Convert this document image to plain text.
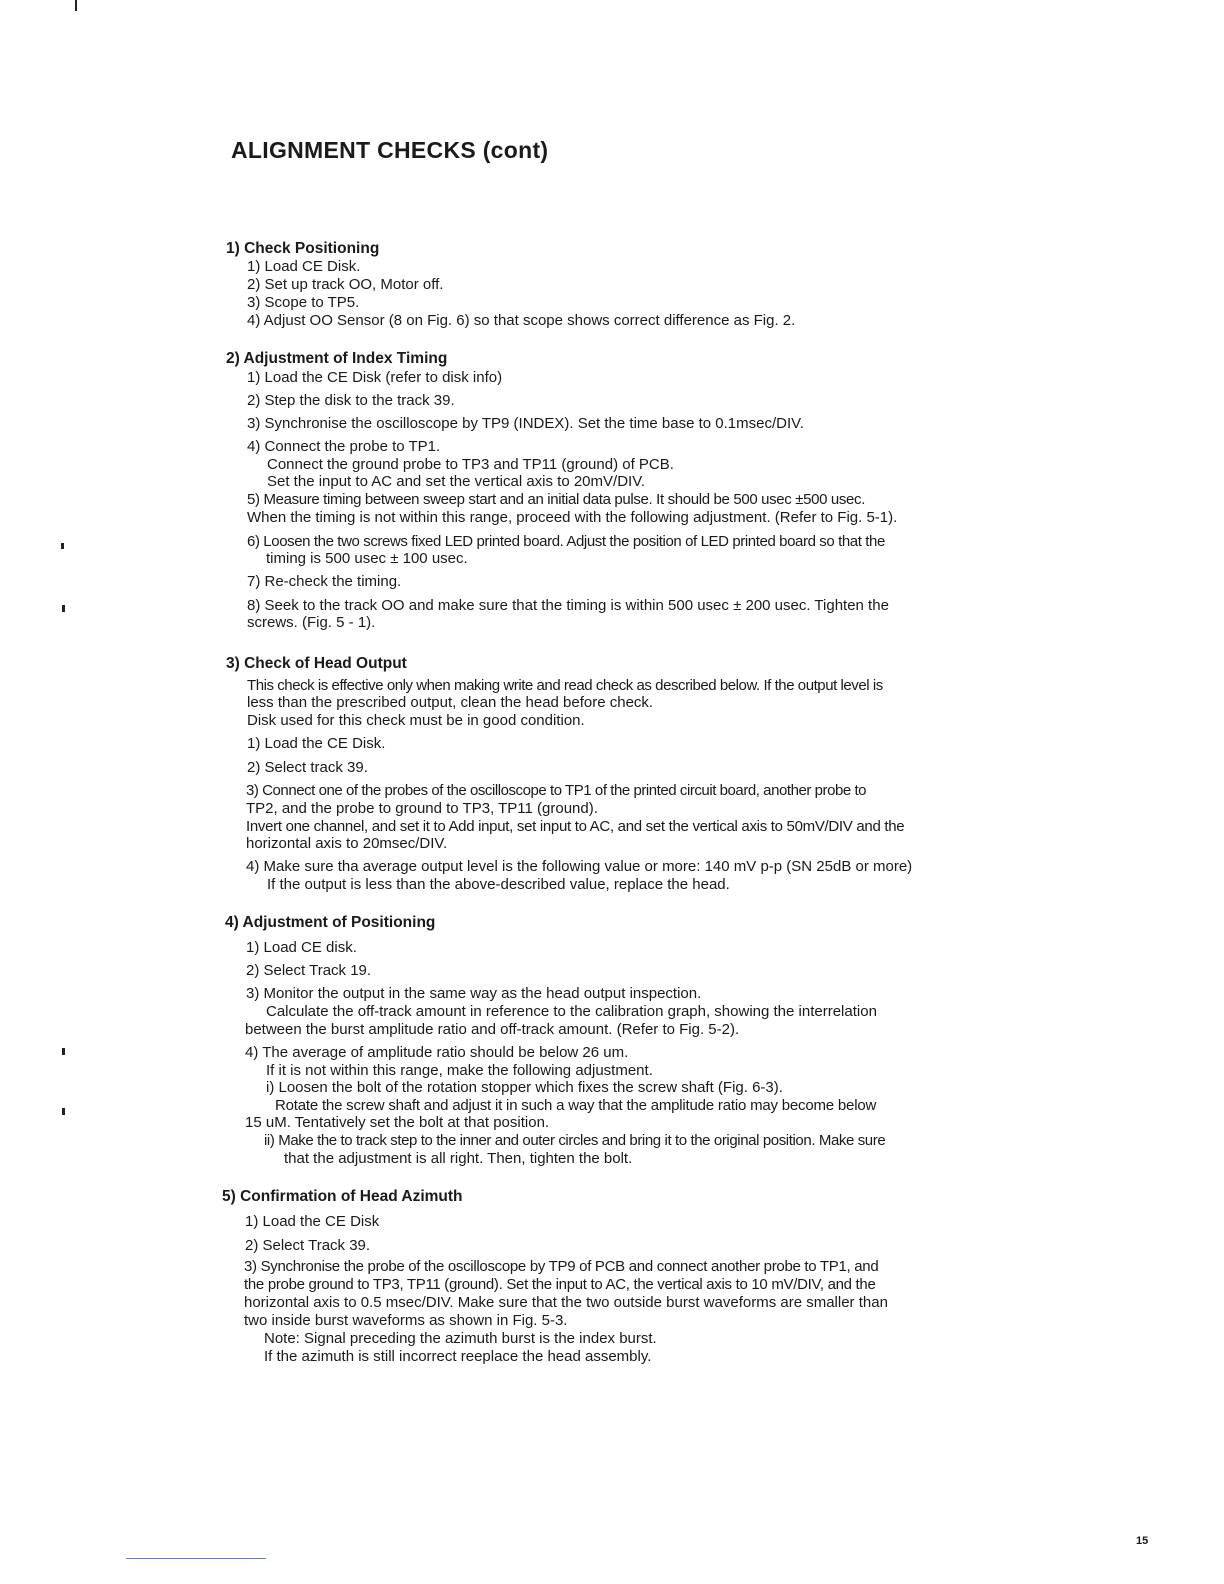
ALIGNMENT CHECKS (cont)
1) Check Positioning
1) Load CE Disk.
2) Set up track OO, Motor off.
3) Scope to TP5.
4) Adjust OO Sensor (8 on Fig. 6) so that scope shows correct difference as Fig. 2.
2) Adjustment of Index Timing
1) Load the CE Disk (refer to disk info)
2) Step the disk to the track 39.
3) Synchronise the oscilloscope by TP9 (INDEX). Set the time base to 0.1msec/DIV.
4) Connect the probe to TP1.
Connect the ground probe to TP3 and TP11 (ground) of PCB.
Set the input to AC and set the vertical axis to 20mV/DIV.
5) Measure timing between sweep start and an initial data pulse. It should be 500 usec ±500 usec.
When the timing is not within this range, proceed with the following adjustment. (Refer to Fig. 5-1).
6) Loosen the two screws fixed LED printed board. Adjust the position of LED printed board so that the
timing is 500 usec ± 100 usec.
7) Re-check the timing.
8) Seek to the track OO and make sure that the timing is within 500 usec ± 200 usec. Tighten the
screws. (Fig. 5 - 1).
3) Check of Head Output
This check is effective only when making write and read check as described below. If the output level is
less than the prescribed output, clean the head before check.
Disk used for this check must be in good condition.
1) Load the CE Disk.
2) Select track 39.
3) Connect one of the probes of the oscilloscope to TP1 of the printed circuit board, another probe to
TP2, and the probe to ground to TP3, TP11 (ground).
Invert one channel, and set it to Add input, set input to AC, and set the vertical axis to 50mV/DIV and the
horizontal axis to 20msec/DIV.
4) Make sure tha average output level is the following value or more: 140 mV p-p (SN 25dB or more)
If the output is less than the above-described value, replace the head.
4) Adjustment of Positioning
1) Load CE disk.
2) Select Track 19.
3) Monitor the output in the same way as the head output inspection.
Calculate the off-track amount in reference to the calibration graph, showing the interrelation
between the burst amplitude ratio and off-track amount. (Refer to Fig. 5-2).
4) The average of amplitude ratio should be below 26 um.
If it is not within this range, make the following adjustment.
i) Loosen the bolt of the rotation stopper which fixes the screw shaft (Fig. 6-3).
Rotate the screw shaft and adjust it in such a way that the amplitude ratio may become below
15 uM. Tentatively set the bolt at that position.
ii) Make the to track step to the inner and outer circles and bring it to the original position. Make sure
that the adjustment is all right. Then, tighten the bolt.
5) Confirmation of Head Azimuth
1) Load the CE Disk
2) Select Track 39.
3) Synchronise the probe of the oscilloscope by TP9 of PCB and connect another probe to TP1, and
the probe ground to TP3, TP11 (ground). Set the input to AC, the vertical axis to 10 mV/DIV, and the
horizontal axis to 0.5 msec/DIV. Make sure that the two outside burst waveforms are smaller than
two inside burst waveforms as shown in Fig. 5-3.
Note: Signal preceding the azimuth burst is the index burst.
If the azimuth is still incorrect reeplace the head assembly.
15
